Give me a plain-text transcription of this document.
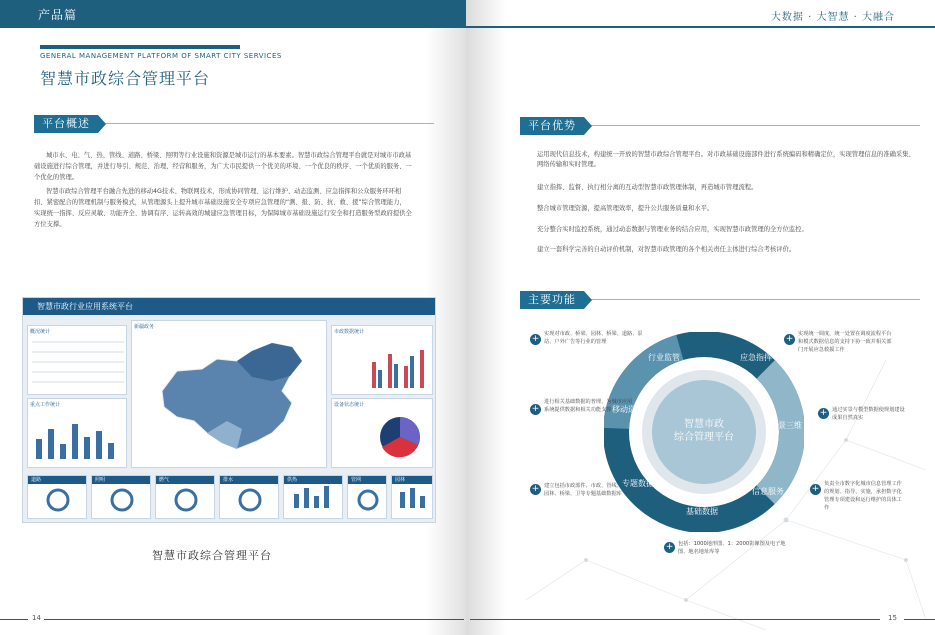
产品篇
GENERAL MANAGEMENT PLATFORM OF SMART CITY SERVICES
智慧市政综合管理平台
平台概述

城市水、电、气、热、管线、道路、桥梁、照明等行业设施和资源是城市运行的基本要素。智慧市政综合管理平台就是对城市市政基础设施进行综合管理，并进行导引、规范、治理、经营和服务，为广大市民提供一个优美的环境、一个优良的秩序、一个优质的服务、一个优化的管理。

智慧市政综合管理平台融合先进的移动4G技术、物联网技术，形成协同管理、运行维护、动态监测、应急指挥和公众服务环环相扣、紧密配合的管理机制与服务模式，从管理源头上提升城市基础设施安全专项应急管理的“测、报、防、抗、救、援”综合管理能力，实现统一指挥、反应灵敏、功能齐全、协调有序、运转高效的城建应急管理目标，为保障城市基础设施运行安全和打造服务型政府提供全方位支撑。

智慧市政行业应用系统平台
概况统计
重点工作统计
新疆政务
市政数据统计
设备状态统计
道路	照明	燃气	排水	供热	管网	园林
智慧市政综合管理平台
14
大数据 · 大智慧 · 大融合
平台优势
运用现代信息技术，构建统一开放的智慧市政综合管理平台。对市政基础设施部件进行系统编码和精确定位，实现管理信息的准确采集、网络传输和实时管理。
建立指挥、监督、执行相分离的互动型智慧市政管理体制，再造城市管理流程。
整合城市管理资源，提高管理效率，提升公共服务质量和水平。
充分整合实时监控系统，通过动态数据与管理业务的结合应用，实现智慧市政管理的全方位监控。
建立一套科学完善的自动评价机制，对智慧市政管理的各个相关责任主体进行综合考核评价。
主要功能
智慧市政
综合管理平台
行业监管	应急指挥
实景三维
信息服务
基础数据
专题数据
移动巡查
+ 实现对市政、桥梁、园林、桥梁、道路、泵站、户外广告等行业的管理	+ 实现统一调度，统一处置在调度流程平台和模式数据信息的支持下协一致并相关部门开展应急救援工作
+
进行相关基础数据的普理、为城市应用系统提供数据和相关功能支撑	+ 通过实景与模型数据使规划建设成果自然真实
+ 建立包括市政部件、市政、管线、园林、桥梁、卫等专题基础数据库	+ 负责全市数字化城市信息管理工作的规划、指导、实施，承担数字化管理专项建设和运行维护的具体工作
+ 包括：1000地形图、1：2000影像图及电子地图、地名地址库等
15
